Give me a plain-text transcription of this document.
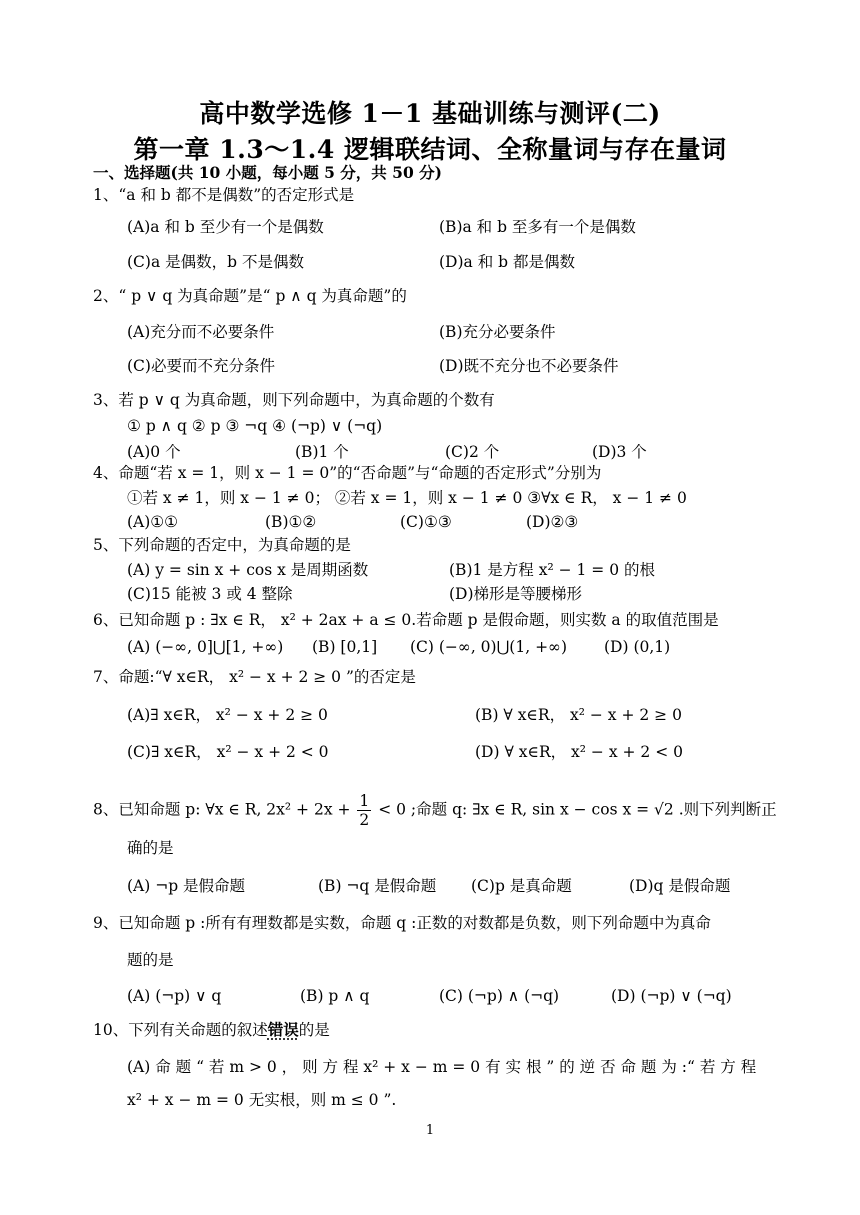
高中数学选修 1－1 基础训练与测评(二)
第一章 1.3～1.4 逻辑联结词、全称量词与存在量词
一、选择题(共 10 小题，每小题 5 分，共 50 分)
1、“a 和 b 都不是偶数”的否定形式是
(A)a 和 b 至少有一个是偶数	(B)a 和 b 至多有一个是偶数
(C)a 是偶数，b 不是偶数	(D)a 和 b 都是偶数
2、“ p ∨ q 为真命题”是“ p ∧ q 为真命题”的
(A)充分而不必要条件	(B)充分必要条件
(C)必要而不充分条件	(D)既不充分也不必要条件
3、若 p ∨ q 为真命题，则下列命题中，为真命题的个数有
① p ∧ q ② p ③ ¬q ④ (¬p) ∨ (¬q)
(A)0 个	(B)1 个	(C)2 个	(D)3 个
4、命题“若 x = 1，则 x − 1 = 0”的“否命题”与“命题的否定形式”分别为
①若 x ≠ 1，则 x − 1 ≠ 0； ②若 x = 1，则 x − 1 ≠ 0 ③∀x ∈ R， x − 1 ≠ 0
(A)①①	(B)①②	(C)①③	(D)②③
5、下列命题的否定中，为真命题的是
(A) y = sin x + cos x 是周期函数	(B)1 是方程 x² − 1 = 0 的根
(C)15 能被 3 或 4 整除	(D)梯形是等腰梯形
6、已知命题 p : ∃x ∈ R， x² + 2ax + a ≤ 0.若命题 p 是假命题，则实数 a 的取值范围是
(A) (−∞, 0]⋃[1, +∞) (B) [0,1] (C) (−∞, 0)⋃(1, +∞) (D) (0,1)
7、命题:“∀ x∈R， x² − x + 2 ≥ 0 ”的否定是
(A)∃ x∈R， x² − x + 2 ≥ 0	(B) ∀ x∈R， x² − x + 2 ≥ 0
(C)∃ x∈R， x² − x + 2 < 0	(D) ∀ x∈R， x² − x + 2 < 0
8、已知命题 p: ∀x ∈ R, $2x^2 + 2x + \frac{1}{2} < 0$ ;命题 q: ∃x ∈ R, sin x − cos x = √2 .则下列判断正
确的是
(A) ¬p 是假命题	(B) ¬q 是假命题 (C)p 是真命题	(D)q 是假命题
9、已知命题 p :所有有理数都是实数，命题 q :正数的对数都是负数，则下列命题中为真命
题的是
(A) (¬p) ∨ q	(B) p ∧ q	(C) (¬p) ∧ (¬q)	(D) (¬p) ∨ (¬q)
10、下列有关命题的叙述错误的是
(A) 命 题 “ 若 m > 0 ， 则 方 程 x² + x − m = 0 有 实 根 ” 的 逆 否 命 题 为 :“ 若 方 程
x² + x − m = 0 无实根，则 m ≤ 0 ”.
1
